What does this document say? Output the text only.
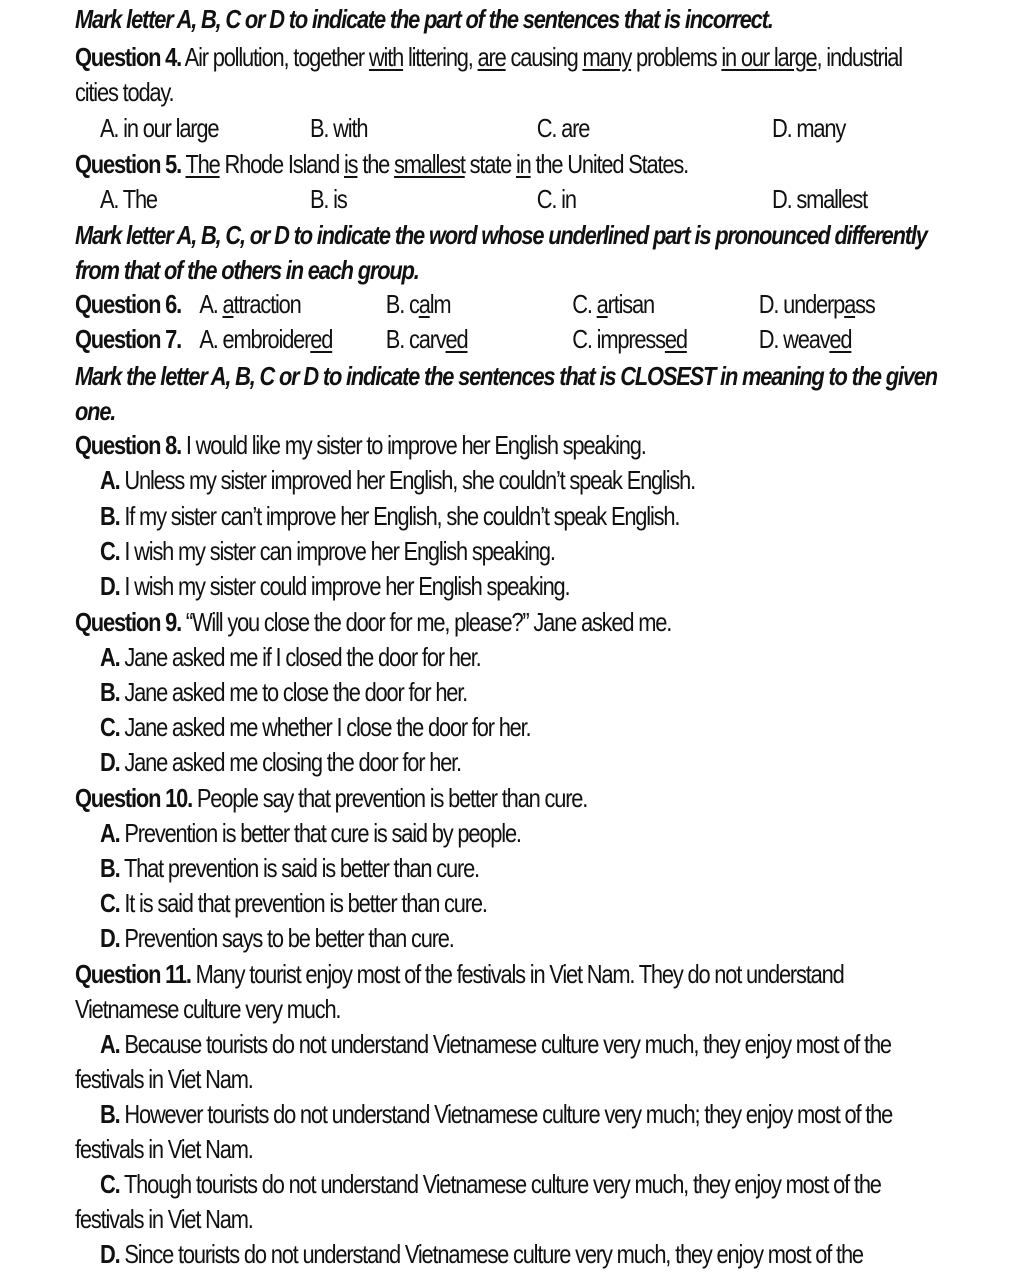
Mark letter A, B, C or D to indicate the part of the sentences that is incorrect.
Question 4. Air pollution, together with littering, are causing many problems in our large, industrial
cities today.
A. in our large	B. with	C. are	D. many
Question 5. The Rhode Island is the smallest state in the United States.
A. The	B. is	C. in	D. smallest
Mark letter A, B, C, or D to indicate the word whose underlined part is pronounced differently
from that of the others in each group.
Question 6. A. attraction	B. calm	C. artisan	D. underpass
Question 7. A. embroidered B. carved	C. impressed	D. weaved
Mark the letter A, B, C or D to indicate the sentences that is CLOSEST in meaning to the given
one.
Question 8. I would like my sister to improve her English speaking.
A. Unless my sister improved her English, she couldn’t speak English.
B. If my sister can’t improve her English, she couldn’t speak English.
C. I wish my sister can improve her English speaking.
D. I wish my sister could improve her English speaking.
Question 9. “Will you close the door for me, please?” Jane asked me.
A. Jane asked me if I closed the door for her.
B. Jane asked me to close the door for her.
C. Jane asked me whether I close the door for her.
D. Jane asked me closing the door for her.
Question 10. People say that prevention is better than cure.
A. Prevention is better that cure is said by people.
B. That prevention is said is better than cure.
C. It is said that prevention is better than cure.
D. Prevention says to be better than cure.
Question 11. Many tourist enjoy most of the festivals in Viet Nam. They do not understand
Vietnamese culture very much.
A. Because tourists do not understand Vietnamese culture very much, they enjoy most of the
festivals in Viet Nam.
B. However tourists do not understand Vietnamese culture very much; they enjoy most of the
festivals in Viet Nam.
C. Though tourists do not understand Vietnamese culture very much, they enjoy most of the
festivals in Viet Nam.
D. Since tourists do not understand Vietnamese culture very much, they enjoy most of the
